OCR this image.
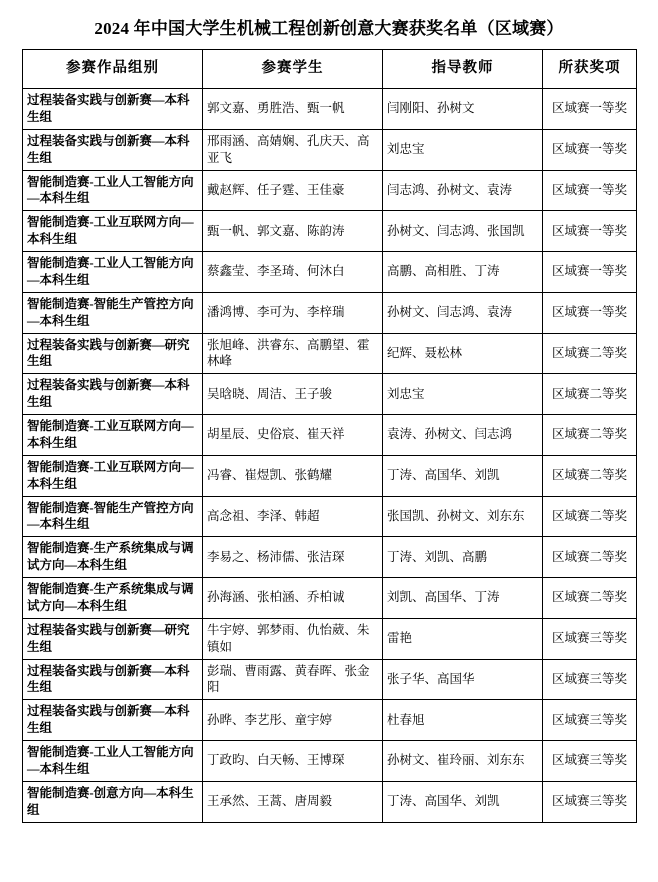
2024 年中国大学生机械工程创新创意大赛获奖名单（区域赛）
参赛作品组别	参赛学生	指导教师	所获奖项
过程装备实践与创新赛—本科生组	郭文嘉、勇胜浩、甄一帆	闫刚阳、孙树文	区域赛一等奖
过程装备实践与创新赛—本科生组	邢雨涵、高婧娴、孔庆天、高亚飞	刘忠宝	区域赛一等奖
智能制造赛-工业人工智能方向—本科生组	戴赵辉、任子霆、王佳豪	闫志鸿、孙树文、袁涛	区域赛一等奖
智能制造赛-工业互联网方向—本科生组	甄一帆、郭文嘉、陈韵涛	孙树文、闫志鸿、张国凯	区域赛一等奖
智能制造赛-工业人工智能方向—本科生组	蔡鑫莹、李圣琦、何沐白	高鹏、高相胜、丁涛	区域赛一等奖
智能制造赛-智能生产管控方向—本科生组	潘鸿博、李可为、李梓瑞	孙树文、闫志鸿、袁涛	区域赛一等奖
过程装备实践与创新赛—研究生组	张旭峰、洪睿东、高鹏望、霍林峰	纪辉、聂松林	区域赛二等奖
过程装备实践与创新赛—本科生组	吴晗晓、周洁、王子骏	刘忠宝	区域赛二等奖
智能制造赛-工业互联网方向—本科生组	胡星辰、史俗宸、崔天祥	袁涛、孙树文、闫志鸿	区域赛二等奖
智能制造赛-工业互联网方向—本科生组	冯睿、崔煜凯、张鹤耀	丁涛、高国华、刘凯	区域赛二等奖
智能制造赛-智能生产管控方向—本科生组	高念祖、李泽、韩超	张国凯、孙树文、刘东东	区域赛二等奖
智能制造赛-生产系统集成与调试方向—本科生组	李易之、杨沛儒、张洁琛	丁涛、刘凯、高鹏	区域赛二等奖
智能制造赛-生产系统集成与调试方向—本科生组	孙海涵、张柏涵、乔柏诚	刘凯、高国华、丁涛	区域赛二等奖
过程装备实践与创新赛—研究生组	牛宇婷、郭梦雨、仇怡葳、朱镇如	雷艳	区域赛三等奖
过程装备实践与创新赛—本科生组	彭瑞、曹雨露、黄春晖、张金阳	张子华、高国华	区域赛三等奖
过程装备实践与创新赛—本科生组	孙晔、李艺彤、童宇婷	杜春旭	区域赛三等奖
智能制造赛-工业人工智能方向—本科生组	丁政昀、白天畅、王博琛	孙树文、崔玲丽、刘东东	区域赛三等奖
智能制造赛-创意方向—本科生组	王承然、王蒿、唐周毅	丁涛、高国华、刘凯	区域赛三等奖
